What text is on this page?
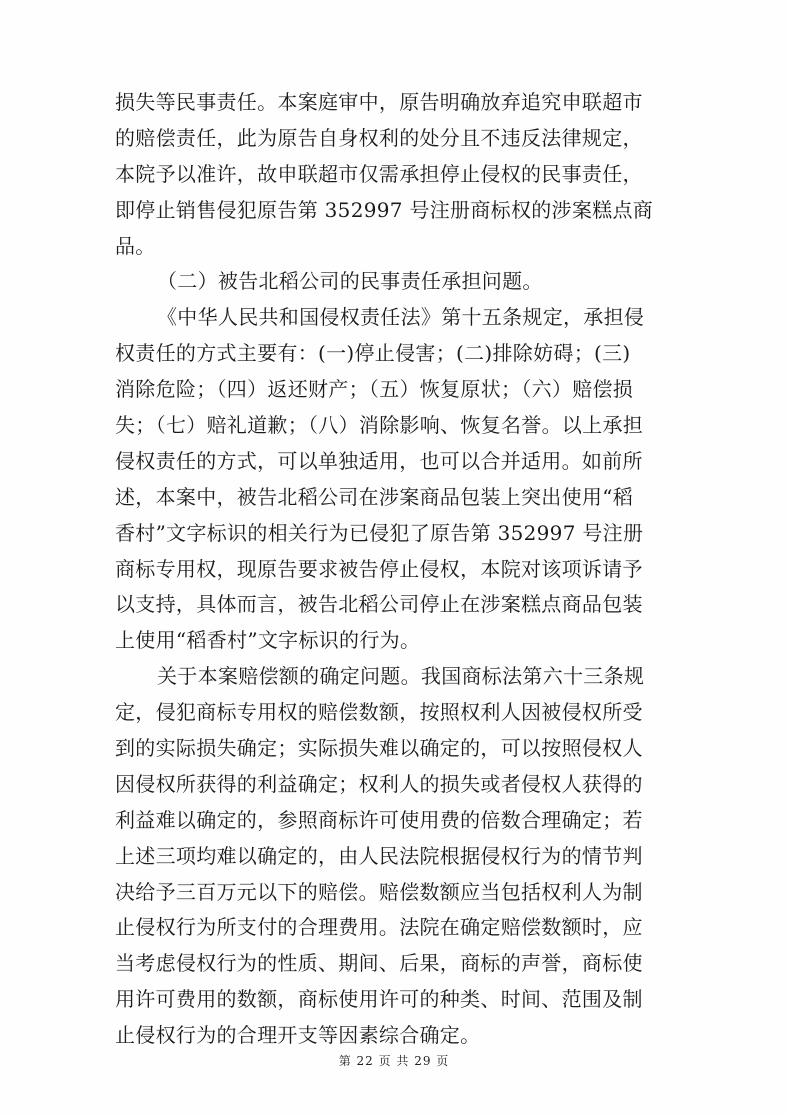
损失等民事责任。本案庭审中，原告明确放弃追究申联超市
的赔偿责任，此为原告自身权利的处分且不违反法律规定，
本院予以准许，故申联超市仅需承担停止侵权的民事责任，
即停止销售侵犯原告第 352997 号注册商标权的涉案糕点商
品。
（二）被告北稻公司的民事责任承担问题。
《中华人民共和国侵权责任法》第十五条规定，承担侵
权责任的方式主要有：(一)停止侵害；(二)排除妨碍；(三)
消除危险；（四）返还财产；（五）恢复原状；（六）赔偿损
失；（七）赔礼道歉；（八）消除影响、恢复名誉。以上承担
侵权责任的方式，可以单独适用，也可以合并适用。如前所
述，本案中，被告北稻公司在涉案商品包装上突出使用“稻
香村”文字标识的相关行为已侵犯了原告第 352997 号注册
商标专用权，现原告要求被告停止侵权，本院对该项诉请予
以支持，具体而言，被告北稻公司停止在涉案糕点商品包装
上使用“稻香村”文字标识的行为。
关于本案赔偿额的确定问题。我国商标法第六十三条规
定，侵犯商标专用权的赔偿数额，按照权利人因被侵权所受
到的实际损失确定；实际损失难以确定的，可以按照侵权人
因侵权所获得的利益确定；权利人的损失或者侵权人获得的
利益难以确定的，参照商标许可使用费的倍数合理确定；若
上述三项均难以确定的，由人民法院根据侵权行为的情节判
决给予三百万元以下的赔偿。赔偿数额应当包括权利人为制
止侵权行为所支付的合理费用。法院在确定赔偿数额时，应
当考虑侵权行为的性质、期间、后果，商标的声誉，商标使
用许可费用的数额，商标使用许可的种类、时间、范围及制
止侵权行为的合理开支等因素综合确定。
第 22 页 共 29 页
